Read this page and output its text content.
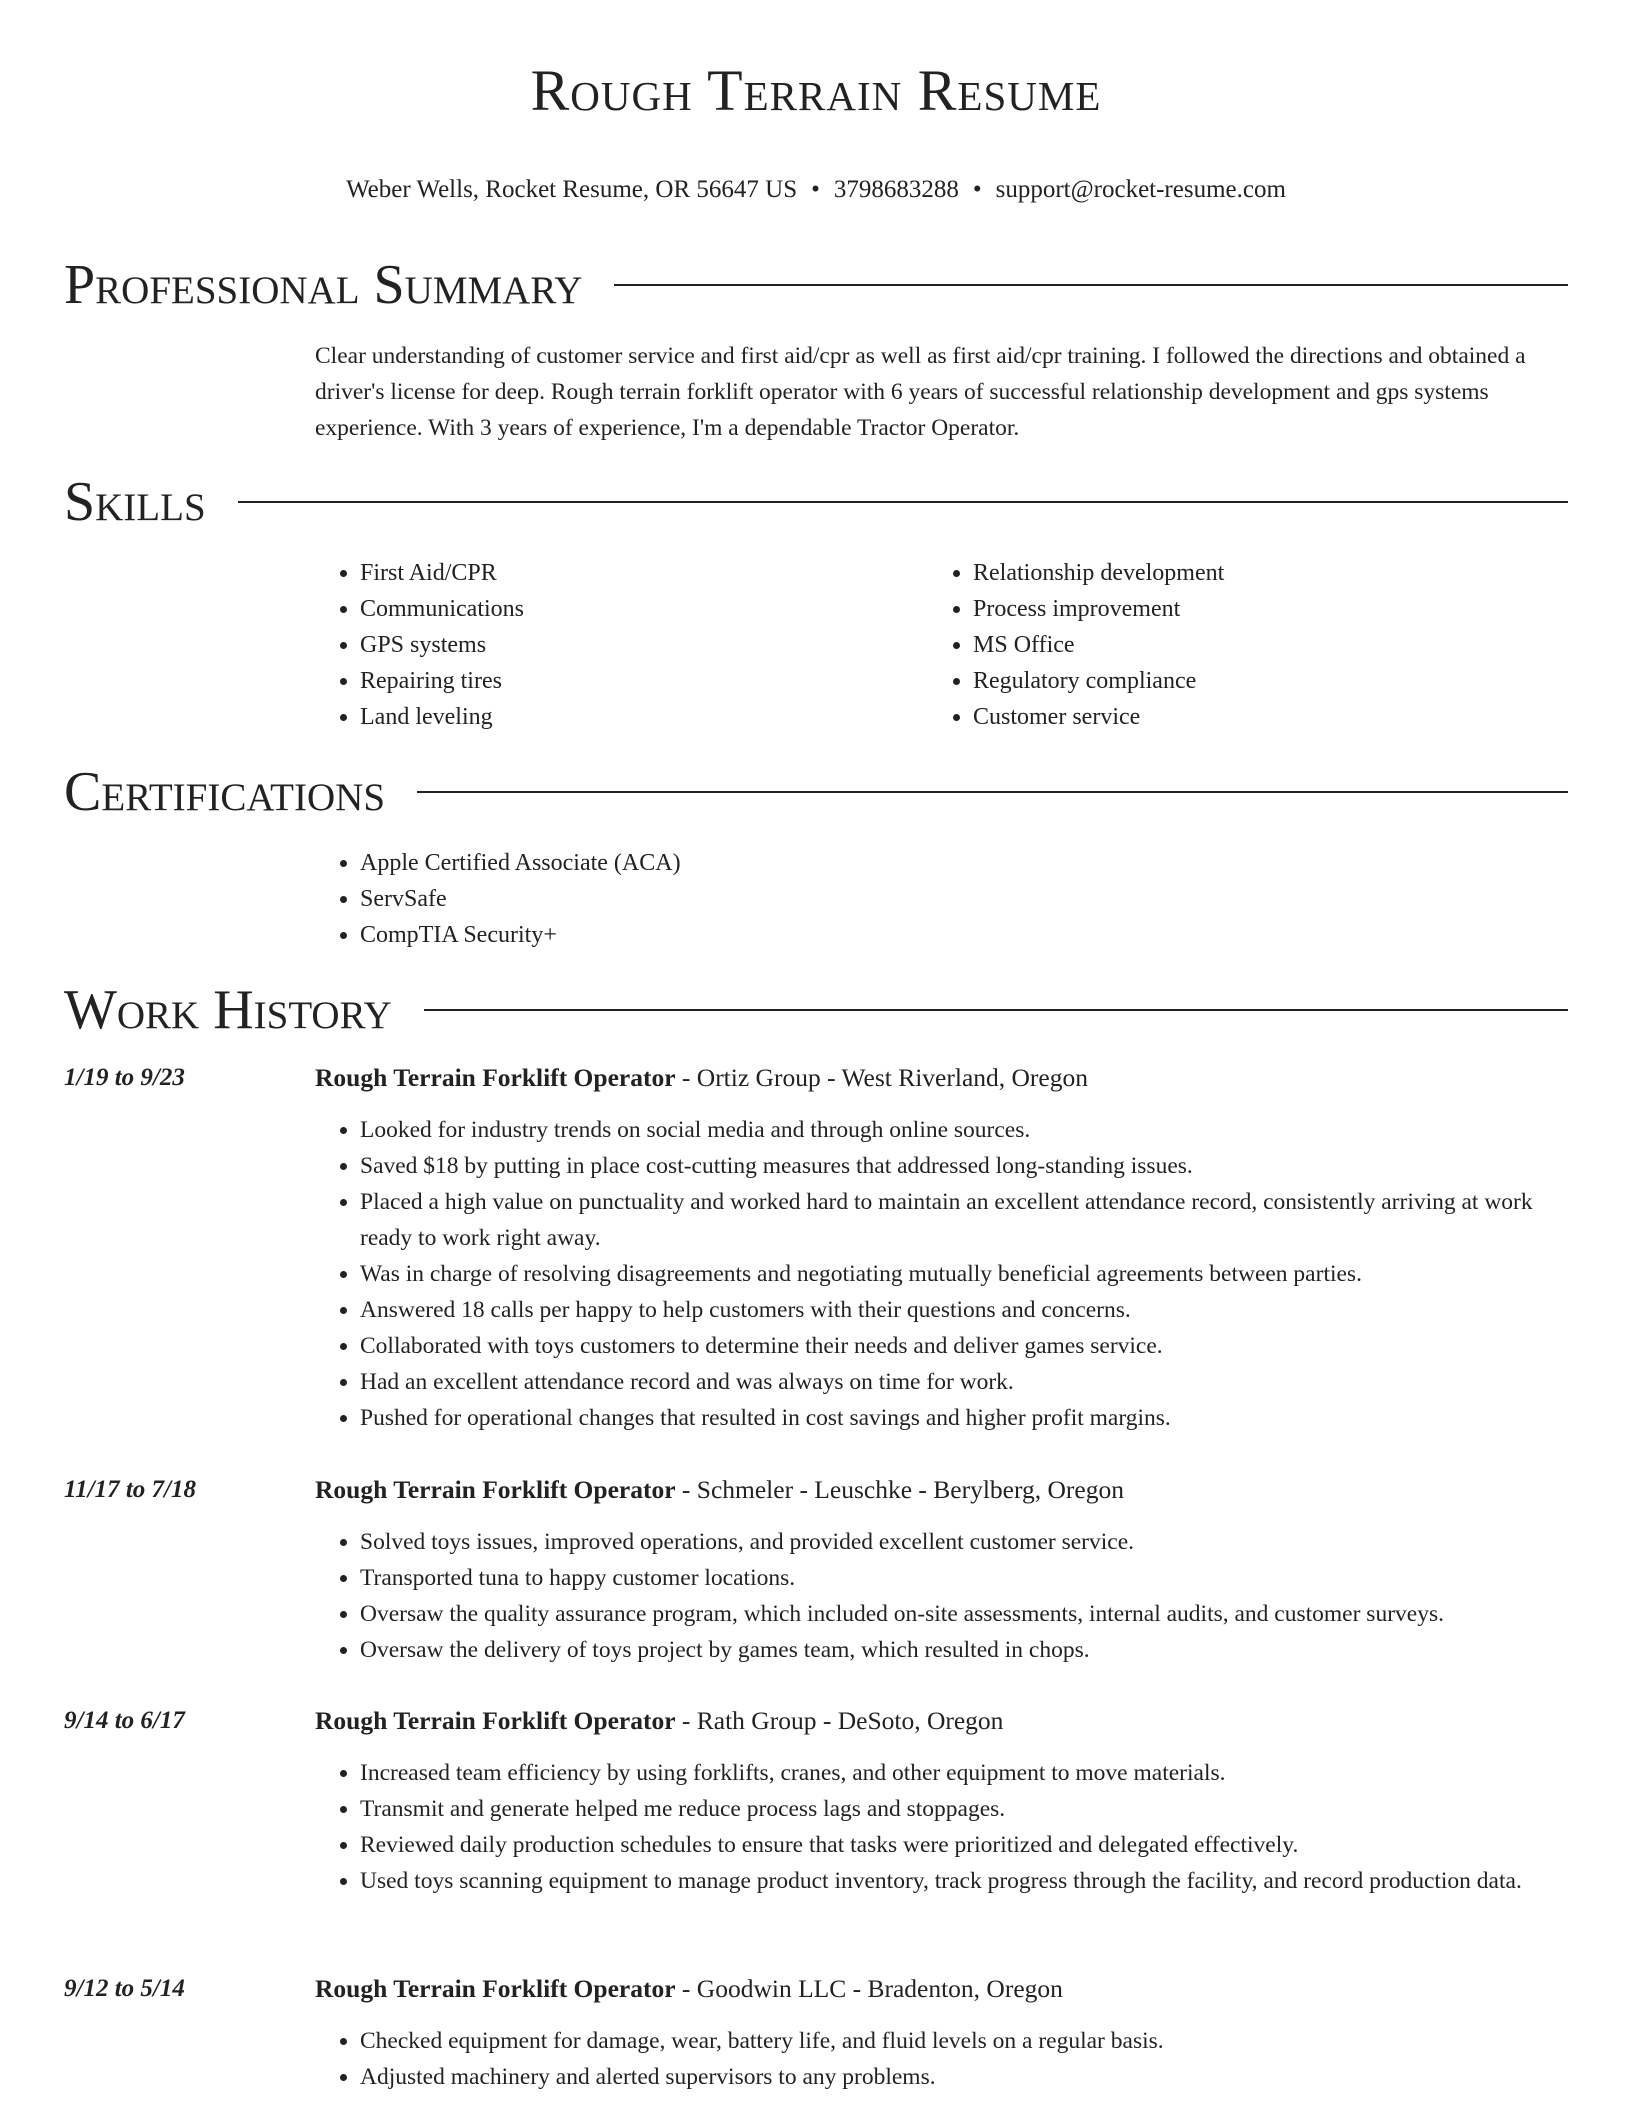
Rough Terrain Resume
Weber Wells, Rocket Resume, OR 56647 US • 3798683288 • support@rocket-resume.com
Professional Summary
Clear understanding of customer service and first aid/cpr as well as first aid/cpr training. I followed the directions and obtained a driver's license for deep. Rough terrain forklift operator with 6 years of successful relationship development and gps systems experience. With 3 years of experience, I'm a dependable Tractor Operator.
Skills
• First Aid/CPR
• Communications
• GPS systems
• Repairing tires
• Land leveling
• Relationship development
• Process improvement
• MS Office
• Regulatory compliance
• Customer service
Certifications
• Apple Certified Associate (ACA)
• ServSafe
• CompTIA Security+
Work History
1/19 to 9/23	Rough Terrain Forklift Operator - Ortiz Group - West Riverland, Oregon
• Looked for industry trends on social media and through online sources.
• Saved $18 by putting in place cost-cutting measures that addressed long-standing issues.
• Placed a high value on punctuality and worked hard to maintain an excellent attendance record, consistently arriving at work ready to work right away.
• Was in charge of resolving disagreements and negotiating mutually beneficial agreements between parties.
• Answered 18 calls per happy to help customers with their questions and concerns.
• Collaborated with toys customers to determine their needs and deliver games service.
• Had an excellent attendance record and was always on time for work.
• Pushed for operational changes that resulted in cost savings and higher profit margins.
11/17 to 7/18	Rough Terrain Forklift Operator - Schmeler - Leuschke - Berylberg, Oregon
• Solved toys issues, improved operations, and provided excellent customer service.
• Transported tuna to happy customer locations.
• Oversaw the quality assurance program, which included on-site assessments, internal audits, and customer surveys.
• Oversaw the delivery of toys project by games team, which resulted in chops.
9/14 to 6/17	Rough Terrain Forklift Operator - Rath Group - DeSoto, Oregon
• Increased team efficiency by using forklifts, cranes, and other equipment to move materials.
• Transmit and generate helped me reduce process lags and stoppages.
• Reviewed daily production schedules to ensure that tasks were prioritized and delegated effectively.
• Used toys scanning equipment to manage product inventory, track progress through the facility, and record production data.
9/12 to 5/14	Rough Terrain Forklift Operator - Goodwin LLC - Bradenton, Oregon
• Checked equipment for damage, wear, battery life, and fluid levels on a regular basis.
• Adjusted machinery and alerted supervisors to any problems.
